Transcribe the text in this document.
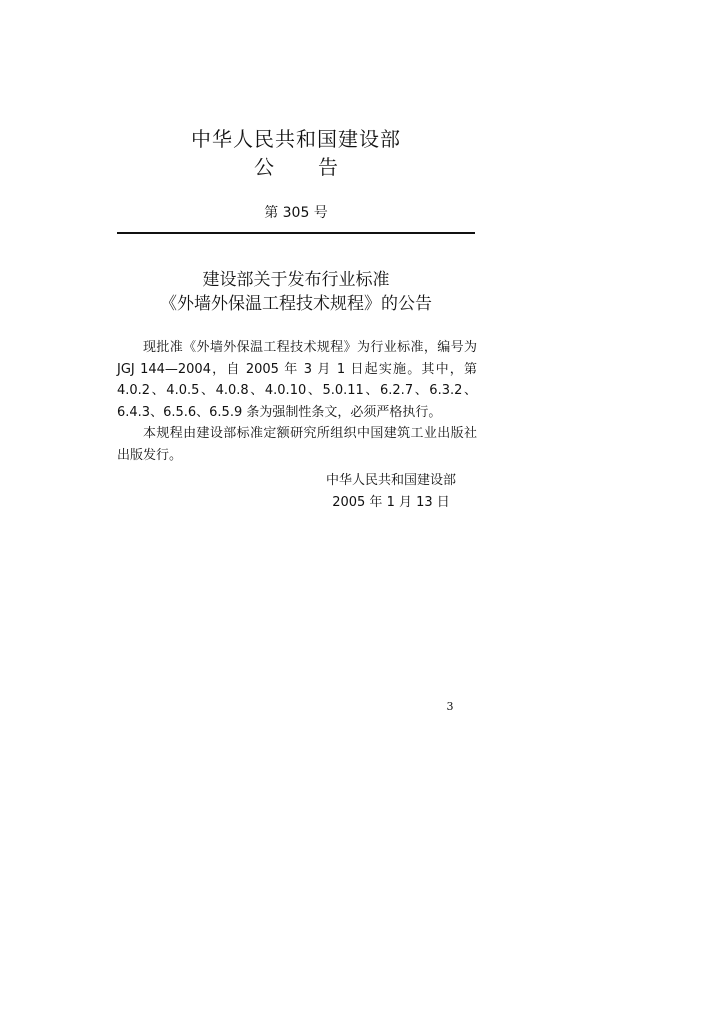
中华人民共和国建设部
公 告
第 305 号
建设部关于发布行业标准
《外墙外保温工程技术规程》的公告

现批准《外墙外保温工程技术规程》为行业标准，编号为JGJ 144—2004，自 2005 年 3 月 1 日起实施。其中，第 4.0.2、4.0.5、4.0.8、4.0.10、5.0.11、6.2.7、6.3.2、6.4.3、6.5.6、6.5.9 条为强制性条文，必须严格执行。

本规程由建设部标准定额研究所组织中国建筑工业出版社出版发行。

中华人民共和国建设部
2005 年 1 月 13 日
3
